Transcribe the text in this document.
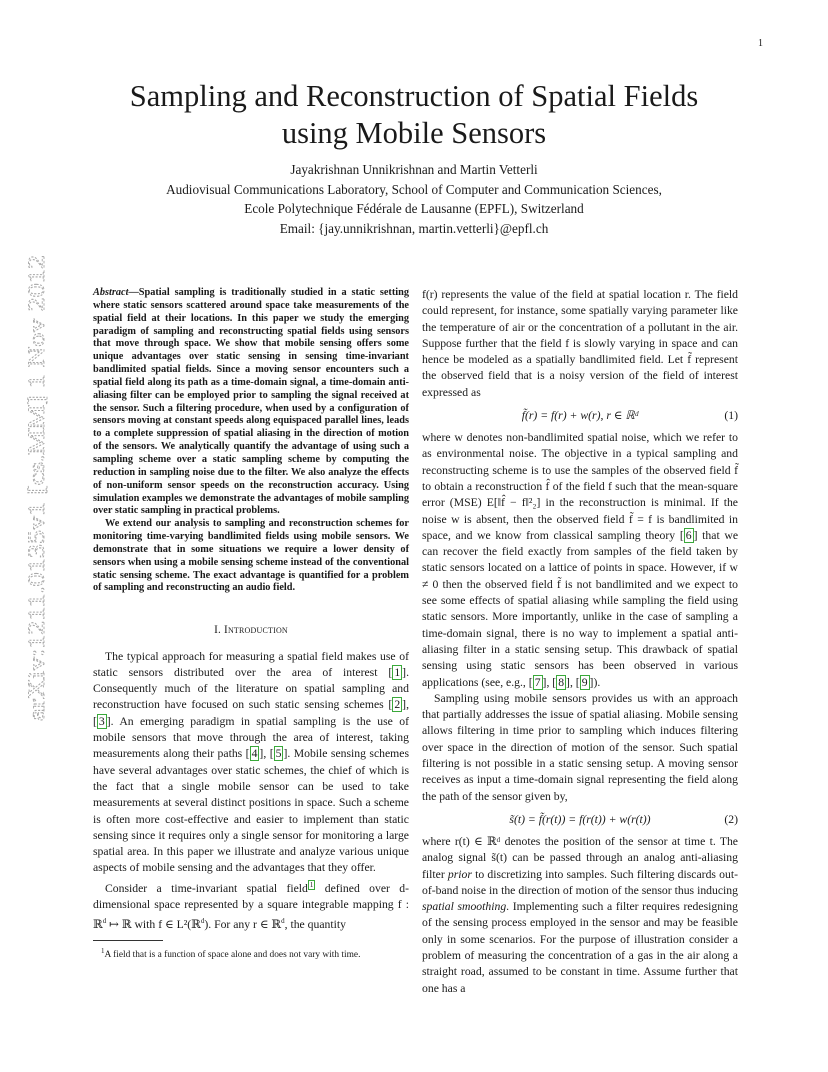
1
arXiv:1211.0135v1 [cs.MM] 1 Nov 2012
Sampling and Reconstruction of Spatial Fields
using Mobile Sensors
Jayakrishnan Unnikrishnan and Martin Vetterli
Audiovisual Communications Laboratory, School of Computer and Communication Sciences,
Ecole Polytechnique Fédérale de Lausanne (EPFL), Switzerland
Email: {jay.unnikrishnan, martin.vetterli}@epfl.ch

Abstract—Spatial sampling is traditionally studied in a static setting where static sensors scattered around space take measurements of the spatial field at their locations. In this paper we study the emerging paradigm of sampling and reconstructing spatial fields using sensors that move through space. We show that mobile sensing offers some unique advantages over static sensing in sensing time-invariant bandlimited spatial fields. Since a moving sensor encounters such a spatial field along its path as a time-domain signal, a time-domain anti-aliasing filter can be employed prior to sampling the signal received at the sensor. Such a filtering procedure, when used by a configuration of sensors moving at constant speeds along equispaced parallel lines, leads to a complete suppression of spatial aliasing in the direction of motion of the sensors. We analytically quantify the advantage of using such a sampling scheme over a static sampling scheme by computing the reduction in sampling noise due to the filter. We also analyze the effects of non-uniform sensor speeds on the reconstruction accuracy. Using simulation examples we demonstrate the advantages of mobile sampling over static sampling in practical problems.

We extend our analysis to sampling and reconstruction schemes for monitoring time-varying bandlimited fields using mobile sensors. We demonstrate that in some situations we require a lower density of sensors when using a mobile sensing scheme instead of the conventional static sensing scheme. The exact advantage is quantified for a problem of sampling and reconstructing an audio field.

I. Introduction

The typical approach for measuring a spatial field makes use of static sensors distributed over the area of interest [ 1 ]. Consequently much of the literature on spatial sampling and reconstruction have focused on such static sensing schemes [ 2 ], [ 3 ]. An emerging paradigm in spatial sampling is the use of mobile sensors that move through the area of interest, taking measurements along their paths [ 4 ], [ 5 ]. Mobile sensing schemes have several advantages over static schemes, the chief of which is the fact that a single mobile sensor can be used to take measurements at several distinct positions in space. Such a scheme is often more cost-effective and easier to implement than static sensing since it requires only a single sensor for monitoring a large spatial area. In this paper we illustrate and analyze various unique aspects of mobile sensing and the advantages that they offer.

Consider a time-invariant spatial field $^1$ defined over d-dimensional space represented by a square integrable mapping f : ℝ$^d$ ↦ ℝ with f ∈ L²(ℝ$^d$). For any r ∈ ℝ$^d$, the quantity

$^1$A field that is a function of space alone and does not vary with time.

f(r) represents the value of the field at spatial location r. The field could represent, for instance, some spatially varying parameter like the temperature of air or the concentration of a pollutant in the air. Suppose further that the field f is slowly varying in space and can hence be modeled as a spatially bandlimited field. Let f̃ represent the observed field that is a noisy version of the field of interest expressed as

f̃(r) = f(r) + w(r), r ∈ ℝᵈ	(1)

where w denotes non-bandlimited spatial noise, which we refer to as environmental noise. The objective in a typical sampling and reconstructing scheme is to use the samples of the observed field f̃ to obtain a reconstruction f̂ of the field f such that the mean-square error (MSE) E[‖f̂ − f‖²₂] in the reconstruction is minimal. If the noise w is absent, then the observed field f̃ = f is bandlimited in space, and we know from classical sampling theory [ 6 ] that we can recover the field exactly from samples of the field taken by static sensors located on a lattice of points in space. However, if w ≠ 0 then the observed field f̃ is not bandlimited and we expect to see some effects of spatial aliasing while sampling the field using static sensors. More importantly, unlike in the case of sampling a time-domain signal, there is no way to implement a spatial anti-aliasing filter in a static sensing setup. This drawback of spatial sensing using static sensors has been observed in various applications (see, e.g., [ 7 ], [ 8 ], [ 9 ]).

Sampling using mobile sensors provides us with an approach that partially addresses the issue of spatial aliasing. Mobile sensing allows filtering in time prior to sampling which induces filtering over space in the direction of motion of the sensor. Such spatial filtering is not possible in a static sensing setup. A moving sensor receives as input a time-domain signal representing the field along the path of the sensor given by,

s̃(t) = f̃(r(t)) = f(r(t)) + w(r(t))	(2)

where r(t) ∈ ℝᵈ denotes the position of the sensor at time t. The analog signal s̃(t) can be passed through an analog anti-aliasing filter prior to discretizing into samples. Such filtering discards out-of-band noise in the direction of motion of the sensor thus inducing spatial smoothing. Implementing such a filter requires redesigning of the sensing process employed in the sensor and may be feasible only in some scenarios. For the purpose of illustration consider a problem of measuring the concentration of a gas in the air along a straight road, assumed to be constant in time. Assume further that one has a
